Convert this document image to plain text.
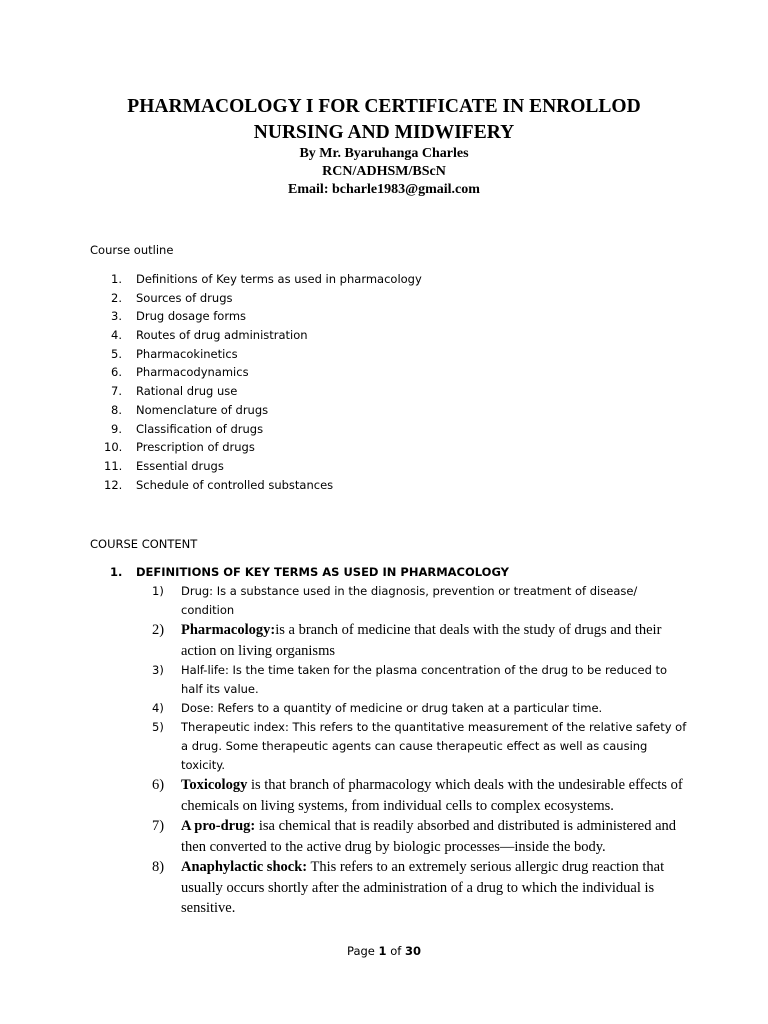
PHARMACOLOGY I FOR CERTIFICATE IN ENROLLOD
NURSING AND MIDWIFERY
By Mr. Byaruhanga Charles
RCN/ADHSM/BScN
Email: bcharle1983@gmail.com
Course outline
1.	Definitions of Key terms as used in pharmacology
2.	Sources of drugs
3.	Drug dosage forms
4.	Routes of drug administration
5.	Pharmacokinetics
6.	Pharmacodynamics
7.	Rational drug use
8.	Nomenclature of drugs
9.	Classification of drugs
10.	Prescription of drugs
11.	Essential drugs
12.	Schedule of controlled substances
COURSE CONTENT
1.	DEFINITIONS OF KEY TERMS AS USED IN PHARMACOLOGY
1)	Drug: Is a substance used in the diagnosis, prevention or treatment of disease/ condition
2)	Pharmacology:is a branch of medicine that deals with the study of drugs and their action on living organisms
3)	Half-life: Is the time taken for the plasma concentration of the drug to be reduced to half its value.
4)	Dose: Refers to a quantity of medicine or drug taken at a particular time.
5)	Therapeutic index: This refers to the quantitative measurement of the relative safety of a drug. Some therapeutic agents can cause therapeutic effect as well as causing toxicity.
6)	Toxicology is that branch of pharmacology which deals with the undesirable effects of chemicals on living systems, from individual cells to complex ecosystems.
7)	A pro-drug: isa chemical that is readily absorbed and distributed is administered and then converted to the active drug by biologic processes—inside the body.
8)	Anaphylactic shock: This refers to an extremely serious allergic drug reaction that usually occurs shortly after the administration of a drug to which the individual is sensitive.
Page 1 of 30
